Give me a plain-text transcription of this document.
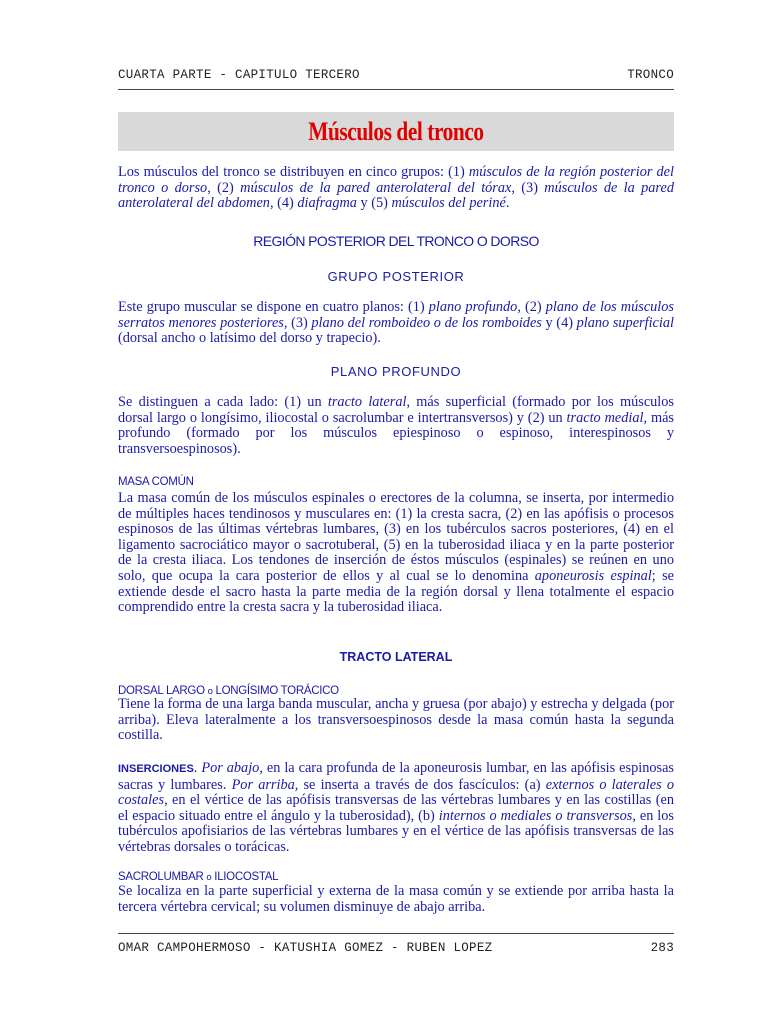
CUARTA PARTE - CAPITULO TERCERO	TRONCO
Músculos del tronco

Los músculos del tronco se distribuyen en cinco grupos: (1) músculos de la región posterior del tronco o dorso, (2) músculos de la pared anterolateral del tórax, (3) músculos de la pared anterolateral del abdomen, (4) diafragma y (5) músculos del periné.

REGIÓN POSTERIOR DEL TRONCO O DORSO
GRUPO POSTERIOR

Este grupo muscular se dispone en cuatro planos: (1) plano profundo, (2) plano de los músculos serratos menores posteriores, (3) plano del romboideo o de los romboides y (4) plano superficial (dorsal ancho o latísimo del dorso y trapecio).

PLANO PROFUNDO

Se distinguen a cada lado: (1) un tracto lateral, más superficial (formado por los músculos dorsal largo o longísimo, iliocostal o sacrolumbar e intertransversos) y (2) un tracto medial, más profundo (formado por los músculos epiespinoso o espinoso, interespinosos y transversoespinosos).

MASA COMÚN

La masa común de los músculos espinales o erectores de la columna, se inserta, por intermedio de múltiples haces tendinosos y musculares en: (1) la cresta sacra, (2) en las apófisis o procesos espinosos de las últimas vértebras lumbares, (3) en los tubérculos sacros posteriores, (4) en el ligamento sacrociático mayor o sacrotuberal, (5) en la tuberosidad iliaca y en la parte posterior de la cresta iliaca. Los tendones de inserción de éstos músculos (espinales) se reúnen en uno solo, que ocupa la cara posterior de ellos y al cual se lo denomina aponeurosis espinal; se extiende desde el sacro hasta la parte media de la región dorsal y llena totalmente el espacio comprendido entre la cresta sacra y la tuberosidad iliaca.

TRACTO LATERAL
DORSAL LARGO o LONGÍSIMO TORÁCICO

Tiene la forma de una larga banda muscular, ancha y gruesa (por abajo) y estrecha y delgada (por arriba). Eleva lateralmente a los transversoespinosos desde la masa común hasta la segunda costilla.

INSERCIONES. Por abajo, en la cara profunda de la aponeurosis lumbar, en las apófisis espinosas sacras y lumbares. Por arriba, se inserta a través de dos fascículos: (a) externos o laterales o costales, en el vértice de las apófisis transversas de las vértebras lumbares y en las costillas (en el espacio situado entre el ángulo y la tuberosidad), (b) internos o mediales o transversos, en los tubérculos apofisiarios de las vértebras lumbares y en el vértice de las apófisis transversas de las vértebras dorsales o torácicas.

SACROLUMBAR o ILIOCOSTAL

Se localiza en la parte superficial y externa de la masa común y se extiende por arriba hasta la tercera vértebra cervical; su volumen disminuye de abajo arriba.

OMAR CAMPOHERMOSO - KATUSHIA GOMEZ - RUBEN LOPEZ	283
